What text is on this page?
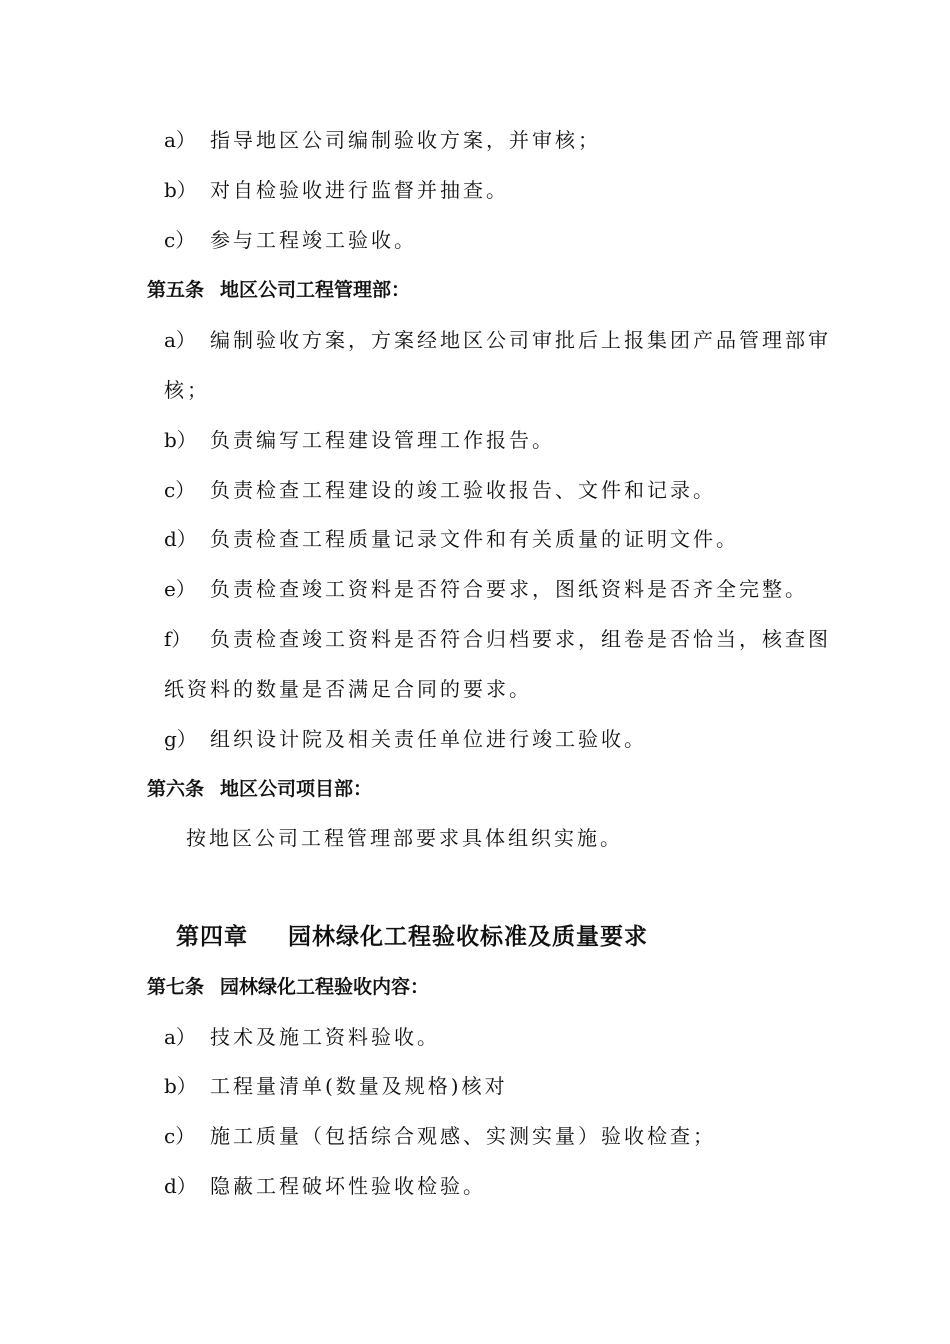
a） 指导地区公司编制验收方案，并审核；
b） 对自检验收进行监督并抽查。
c） 参与工程竣工验收。
第五条 地区公司工程管理部：
a） 编制验收方案，方案经地区公司审批后上报集团产品管理部审
核；
b） 负责编写工程建设管理工作报告。
c） 负责检查工程建设的竣工验收报告、文件和记录。
d） 负责检查工程质量记录文件和有关质量的证明文件。
e） 负责检查竣工资料是否符合要求，图纸资料是否齐全完整。
f） 负责检查竣工资料是否符合归档要求，组卷是否恰当，核查图
纸资料的数量是否满足合同的要求。
g） 组织设计院及相关责任单位进行竣工验收。
第六条 地区公司项目部：
按地区公司工程管理部要求具体组织实施。
第四章 园林绿化工程验收标准及质量要求
第七条 园林绿化工程验收内容：
a） 技术及施工资料验收。
b） 工程量清单(数量及规格)核对
c） 施工质量（包括综合观感、实测实量）验收检查；
d） 隐蔽工程破坏性验收检验。
